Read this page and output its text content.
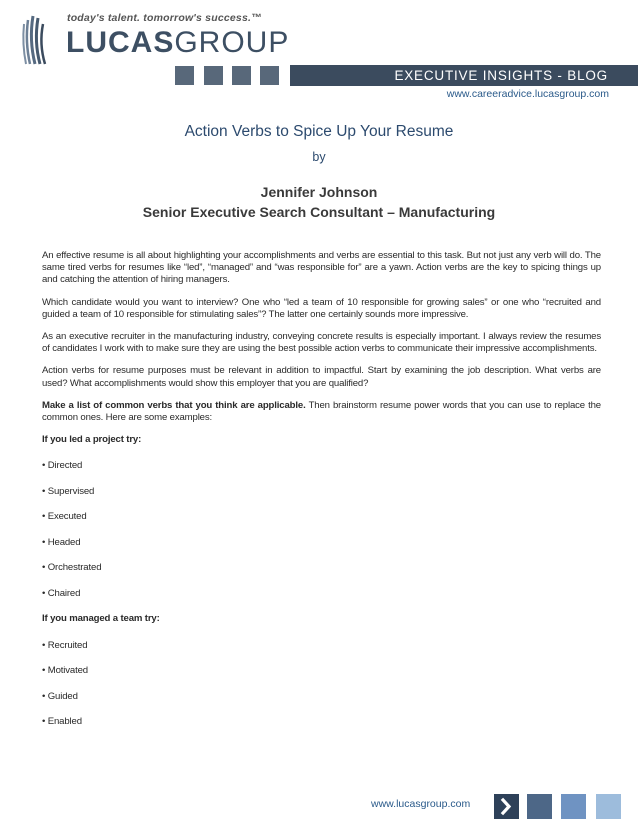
today's talent. tomorrow's success.™
LUCASGROUP
EXECUTIVE INSIGHTS - BLOG
www.careeradvice.lucasgroup.com
Action Verbs to Spice Up Your Resume
by
Jennifer Johnson
Senior Executive Search Consultant – Manufacturing

An effective resume is all about highlighting your accomplishments and verbs are essential to this task. But not just any verb will do. The same tired verbs for resumes like “led”, “managed” and “was responsible for” are a yawn. Action verbs are the key to spicing things up and catching the attention of hiring managers.

Which candidate would you want to interview? One who “led a team of 10 responsible for growing sales” or one who “recruited and guided a team of 10 responsible for stimulating sales”? The latter one certainly sounds more impressive.

As an executive recruiter in the manufacturing industry, conveying concrete results is especially important. I always review the resumes of candidates I work with to make sure they are using the best possible action verbs to communicate their impressive accomplishments.

Action verbs for resume purposes must be relevant in addition to impactful. Start by examining the job description. What verbs are used? What accomplishments would show this employer that you are qualified?

Make a list of common verbs that you think are applicable. Then brainstorm resume power words that you can use to replace the common ones. Here are some examples:

If you led a project try:

• Directed

• Supervised

• Executed

• Headed

• Orchestrated

• Chaired

If you managed a team try:

• Recruited

• Motivated

• Guided

• Enabled

www.lucasgroup.com
